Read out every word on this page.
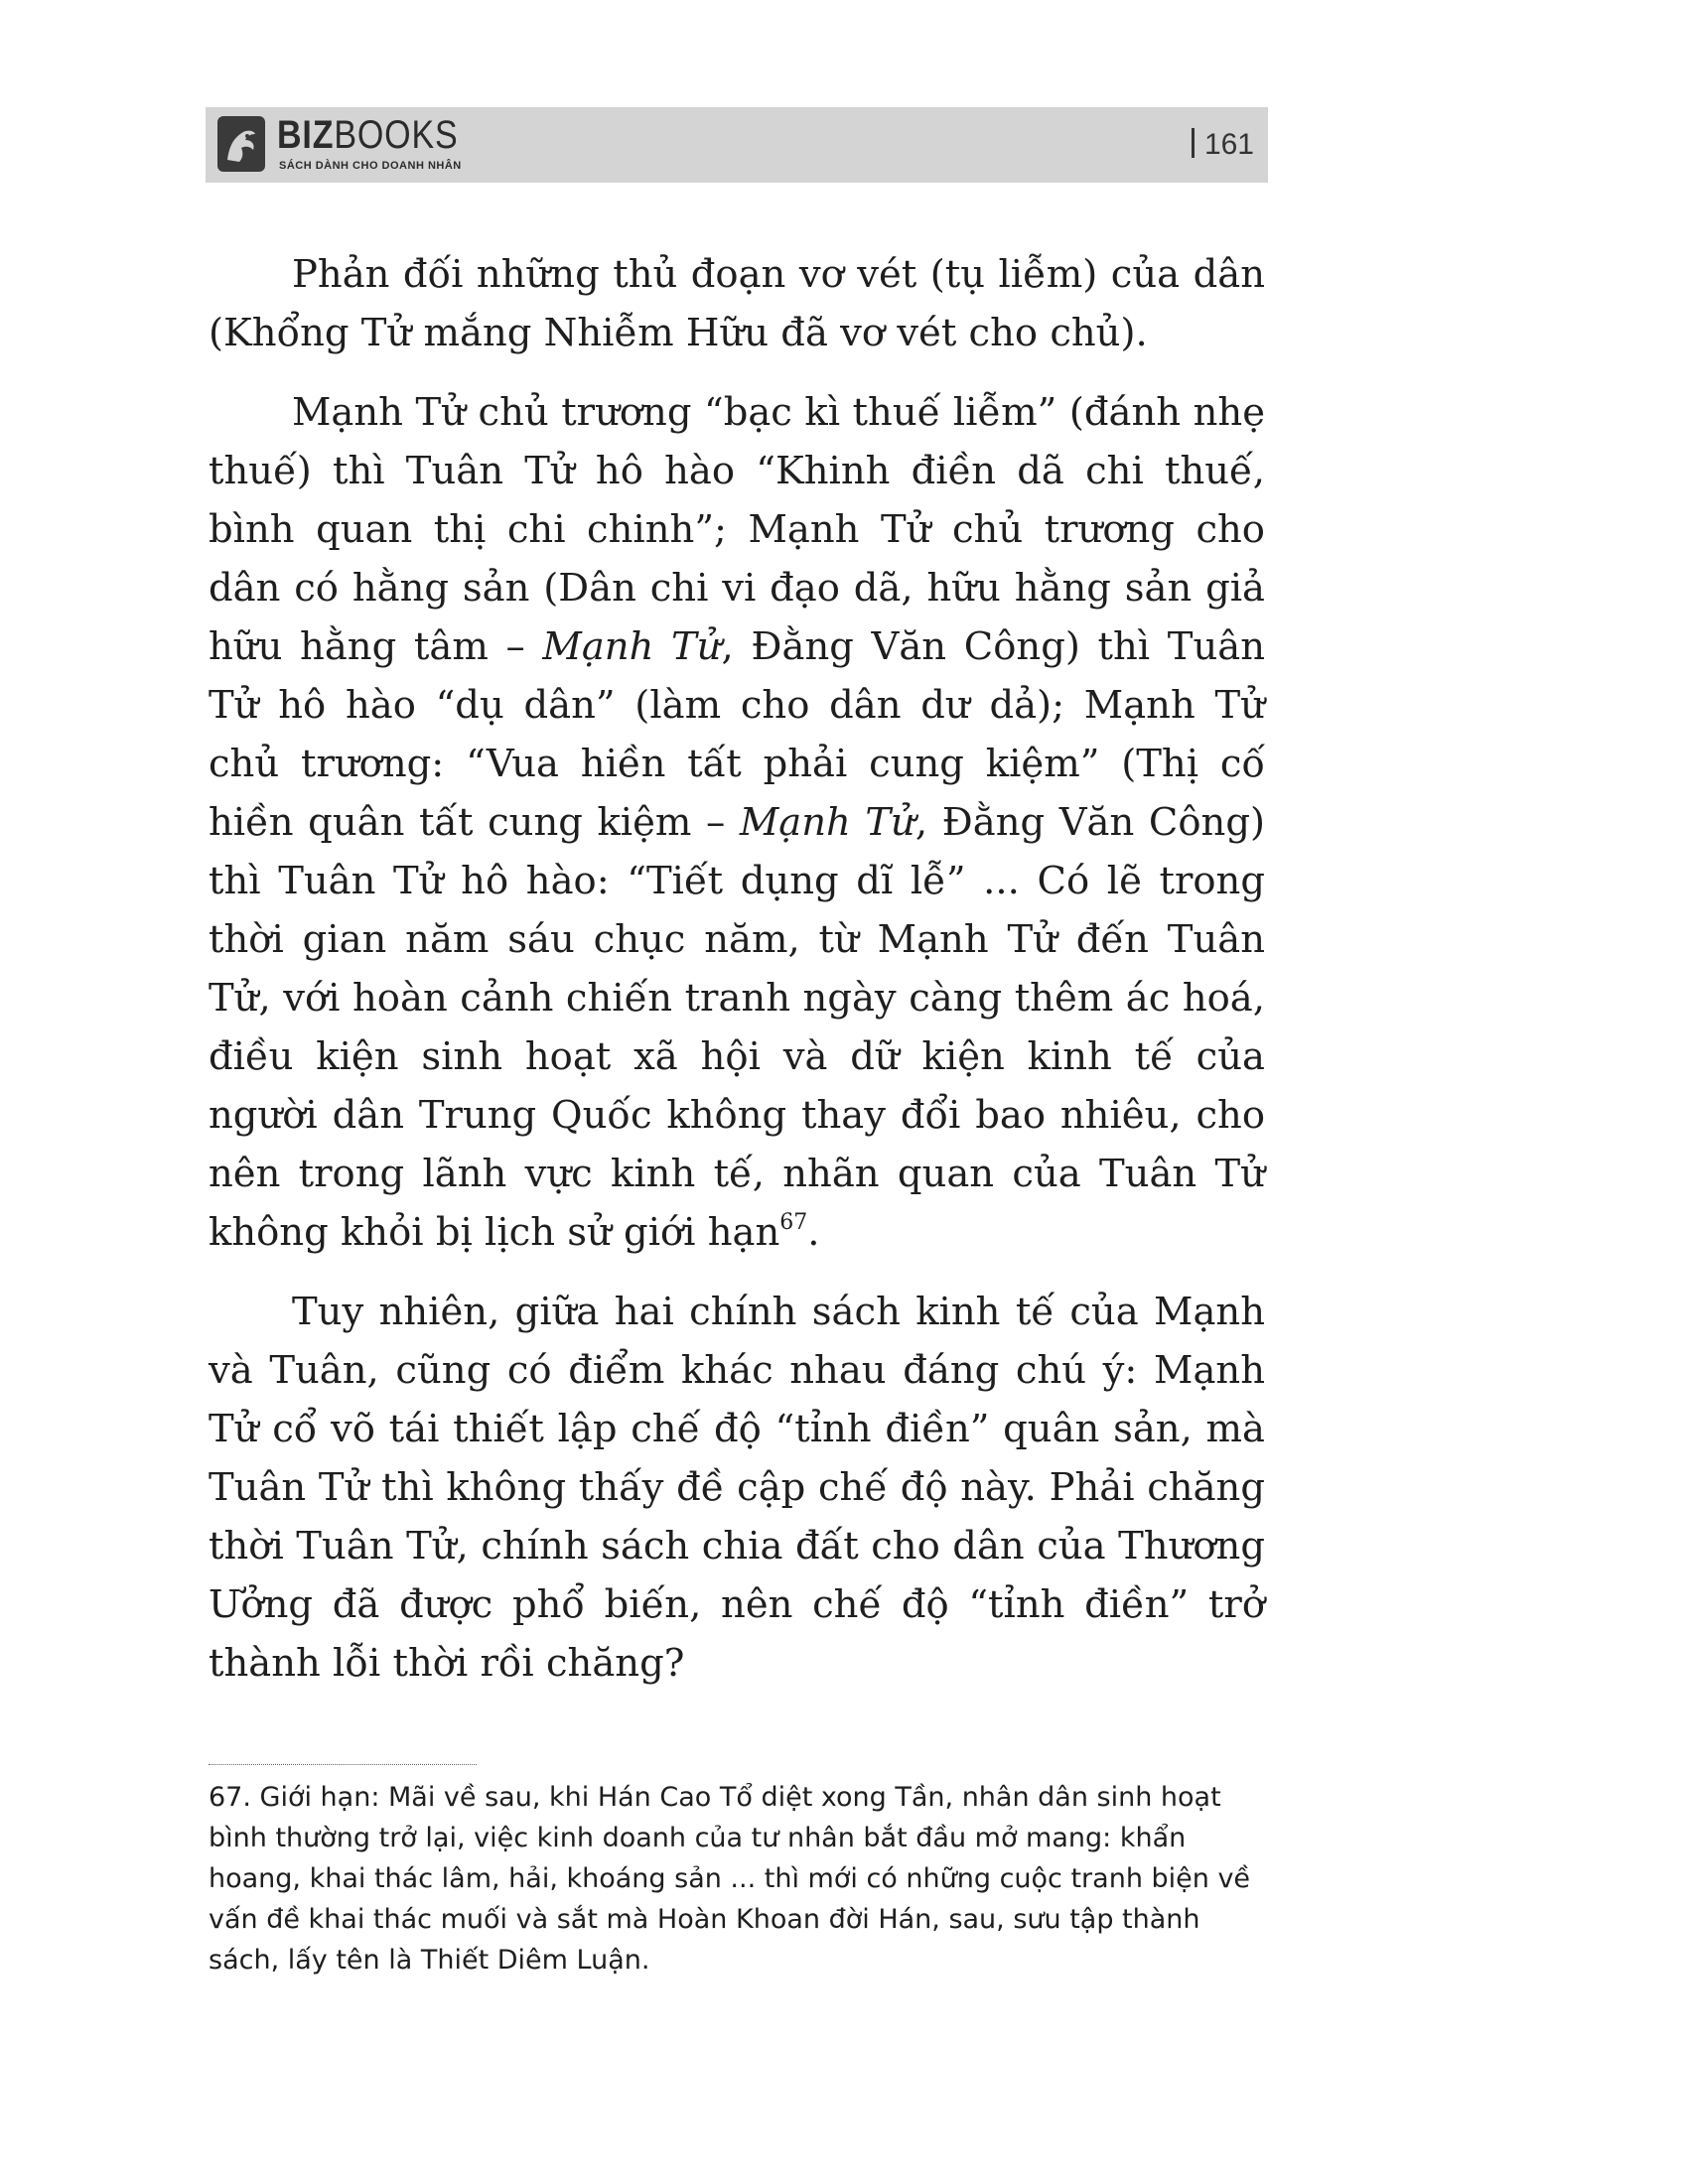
BIZBOOKS
SÁCH DÀNH CHO DOANH NHÂN
161

Phản đối những thủ đoạn vơ vét (tụ liễm) của dân (Khổng Tử mắng Nhiễm Hữu đã vơ vét cho chủ).

Mạnh Tử chủ trương “bạc kì thuế liễm” (đánh nhẹ thuế) thì Tuân Tử hô hào “Khinh điền dã chi thuế, bình quan thị chi chinh”; Mạnh Tử chủ trương cho dân có hằng sản (Dân chi vi đạo dã, hữu hằng sản giả hữu hằng tâm – Mạnh Tử, Đằng Văn Công) thì Tuân Tử hô hào “dụ dân” (làm cho dân dư dả); Mạnh Tử chủ trương: “Vua hiền tất phải cung kiệm” (Thị cố hiền quân tất cung kiệm – Mạnh Tử, Đằng Văn Công) thì Tuân Tử hô hào: “Tiết dụng dĩ lễ” ... Có lẽ trong thời gian năm sáu chục năm, từ Mạnh Tử đến Tuân Tử, với hoàn cảnh chiến tranh ngày càng thêm ác hoá, điều kiện sinh hoạt xã hội và dữ kiện kinh tế của người dân Trung Quốc không thay đổi bao nhiêu, cho nên trong lãnh vực kinh tế, nhãn quan của Tuân Tử không khỏi bị lịch sử giới hạn$^{67}$.

Tuy nhiên, giữa hai chính sách kinh tế của Mạnh và Tuân, cũng có điểm khác nhau đáng chú ý: Mạnh Tử cổ võ tái thiết lập chế độ “tỉnh điền” quân sản, mà Tuân Tử thì không thấy đề cập chế độ này. Phải chăng thời Tuân Tử, chính sách chia đất cho dân của Thương Ưởng đã được phổ biến, nên chế độ “tỉnh điền” trở thành lỗi thời rồi chăng?

67. Giới hạn: Mãi về sau, khi Hán Cao Tổ diệt xong Tần, nhân dân sinh hoạt bình thường trở lại, việc kinh doanh của tư nhân bắt đầu mở mang: khẩn hoang, khai thác lâm, hải, khoáng sản ... thì mới có những cuộc tranh biện về vấn đề khai thác muối và sắt mà Hoàn Khoan đời Hán, sau, sưu tập thành sách, lấy tên là Thiết Diêm Luận.
